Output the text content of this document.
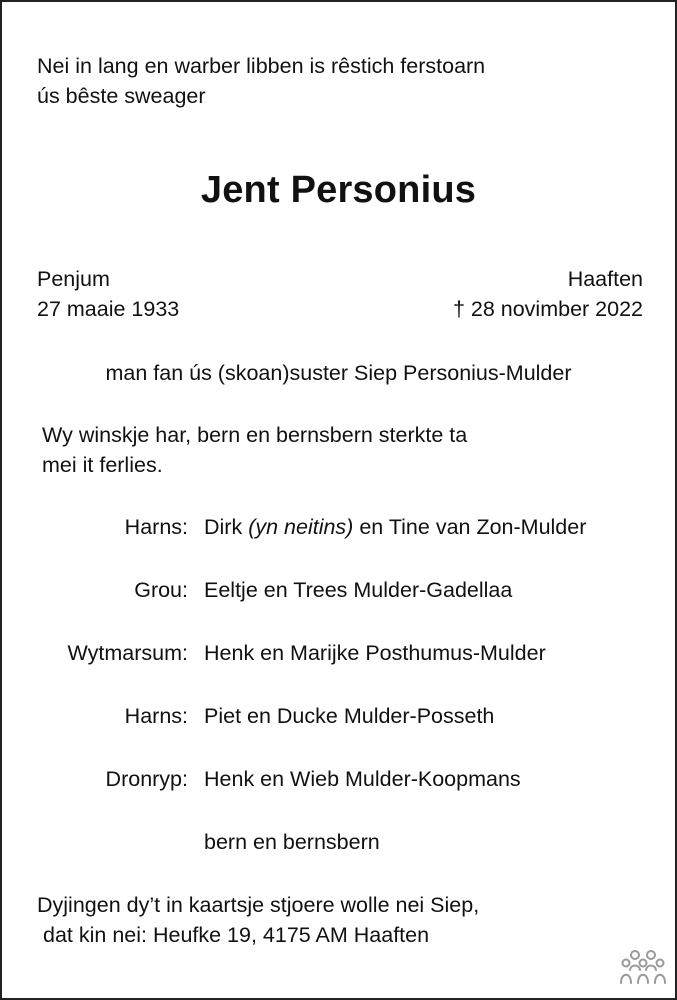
Nei in lang en warber libben is rêstich ferstoarn
ús bêste sweager
Jent Personius
Penjum
27 maaie 1933
Haaften
† 28 novimber 2022
man fan ús (skoan)suster Siep Personius-Mulder
Wy winskje har, bern en bernsbern sterkte ta
mei it ferlies.
Harns: Dirk (yn neitins) en Tine van Zon-Mulder
Grou: Eeltje en Trees Mulder-Gadellaa
Wytmarsum: Henk en Marijke Posthumus-Mulder
Harns: Piet en Ducke Mulder-Posseth
Dronryp: Henk en Wieb Mulder-Koopmans
bern en bernsbern
Dyjingen dy’t in kaartsje stjoere wolle nei Siep,
dat kin nei: Heufke 19, 4175 AM Haaften
